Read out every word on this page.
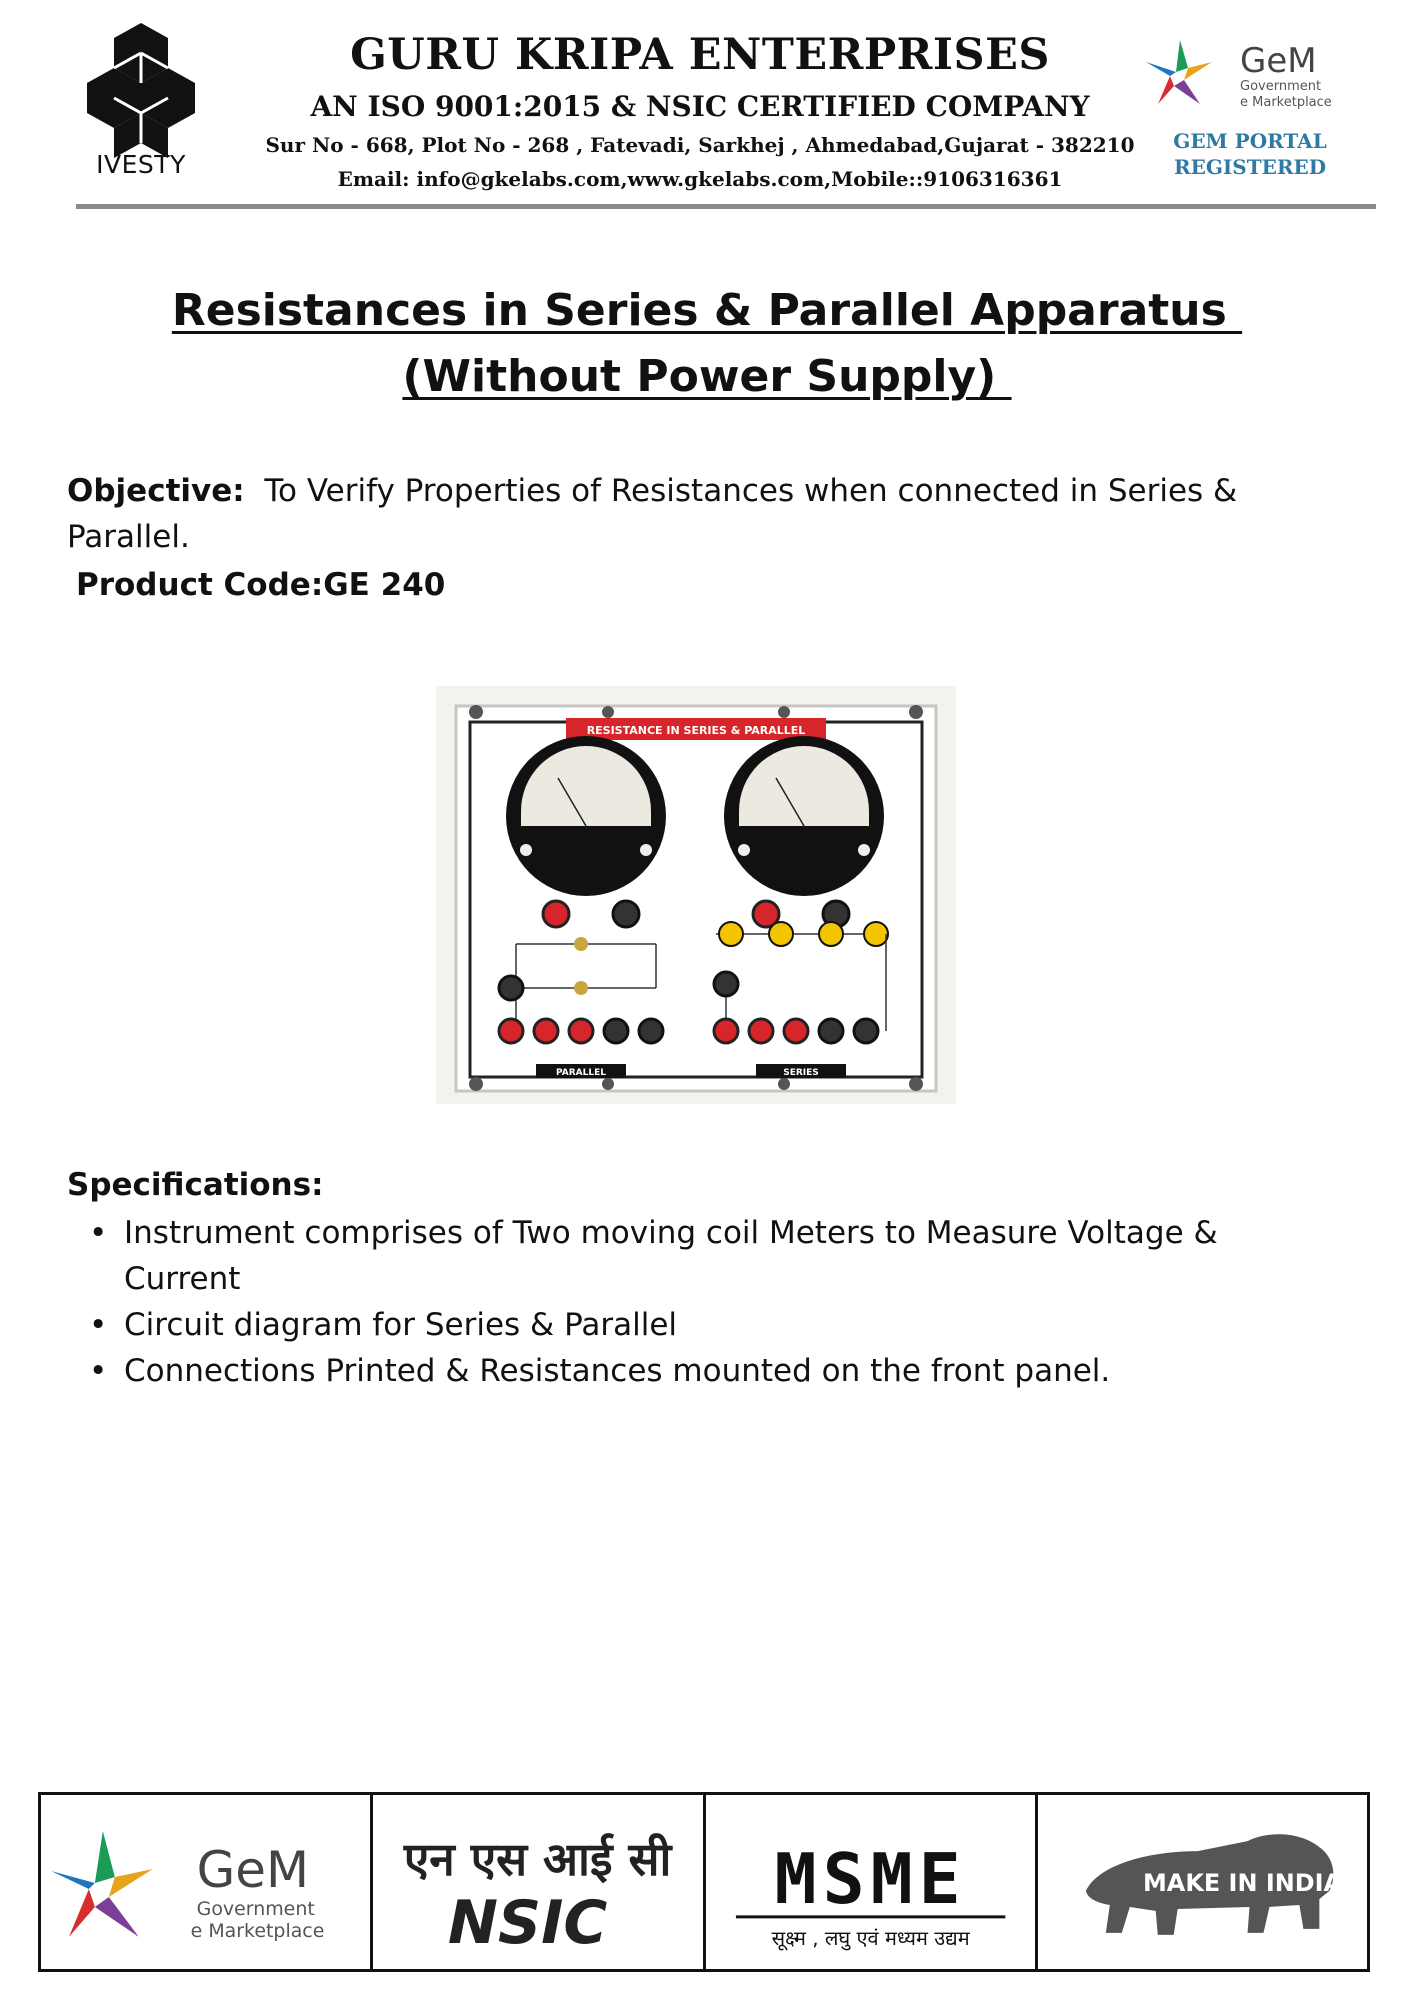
IVESTY
GURU KRIPA ENTERPRISES
AN ISO 9001:2015 & NSIC CERTIFIED COMPANY
Sur No - 668, Plot No - 268 , Fatevadi, Sarkhej , Ahmedabad,Gujarat - 382210
Email: info@gkelabs.com,www.gkelabs.com,Mobile::9106316361
GeM
Government
e Marketplace
GEM PORTAL
REGISTERED
Resistances in Series & Parallel Apparatus
(Without Power Supply)
Objective: To Verify Properties of Resistances when connected in Series & Parallel.
Product Code:GE 240
RESISTANCE IN SERIES & PARALLEL
PARALLEL	SERIES
Specifications:
• Instrument comprises of Two moving coil Meters to Measure Voltage & Current
• Circuit diagram for Series & Parallel
• Connections Printed & Resistances mounted on the front panel.
GeM
Government
e Marketplace
एन एस आई सी
NSIC
MSME
सूक्ष्म , लघु एवं मध्यम उद्यम
MAKE IN INDIA
